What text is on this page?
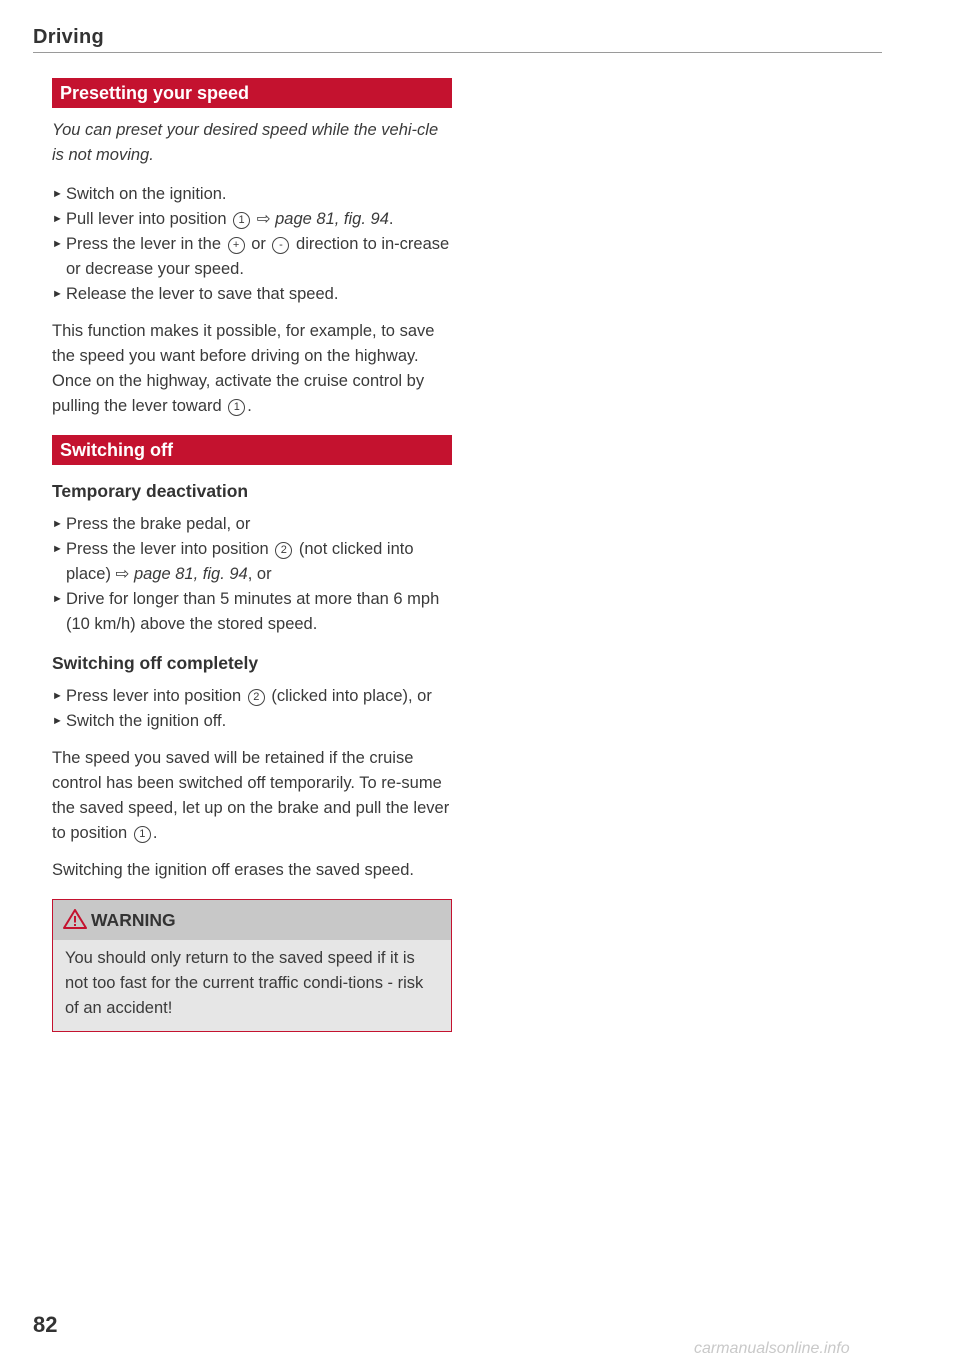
Driving
Presetting your speed

You can preset your desired speed while the vehi-cle is not moving.

► Switch on the ignition.
► Pull lever into position 1 ⇨ page 81, fig. 94.
► Press the lever in the + or - direction to in-crease or decrease your speed.
► Release the lever to save that speed.

This function makes it possible, for example, to save the speed you want before driving on the highway. Once on the highway, activate the cruise control by pulling the lever toward 1 .

Switching off
Temporary deactivation
► Press the brake pedal, or
► Press the lever into position 2 (not clicked into place) ⇨ page 81, fig. 94, or
► Drive for longer than 5 minutes at more than 6 mph (10 km/h) above the stored speed.
Switching off completely
► Press lever into position 2 (clicked into place), or
► Switch the ignition off.

The speed you saved will be retained if the cruise control has been switched off temporarily. To re-sume the saved speed, let up on the brake and pull the lever to position 1 .

Switching the ignition off erases the saved speed.

WARNING
You should only return to the saved speed if it is not too fast for the current traffic condi-tions - risk of an accident!
82
carmanualsonline.info
